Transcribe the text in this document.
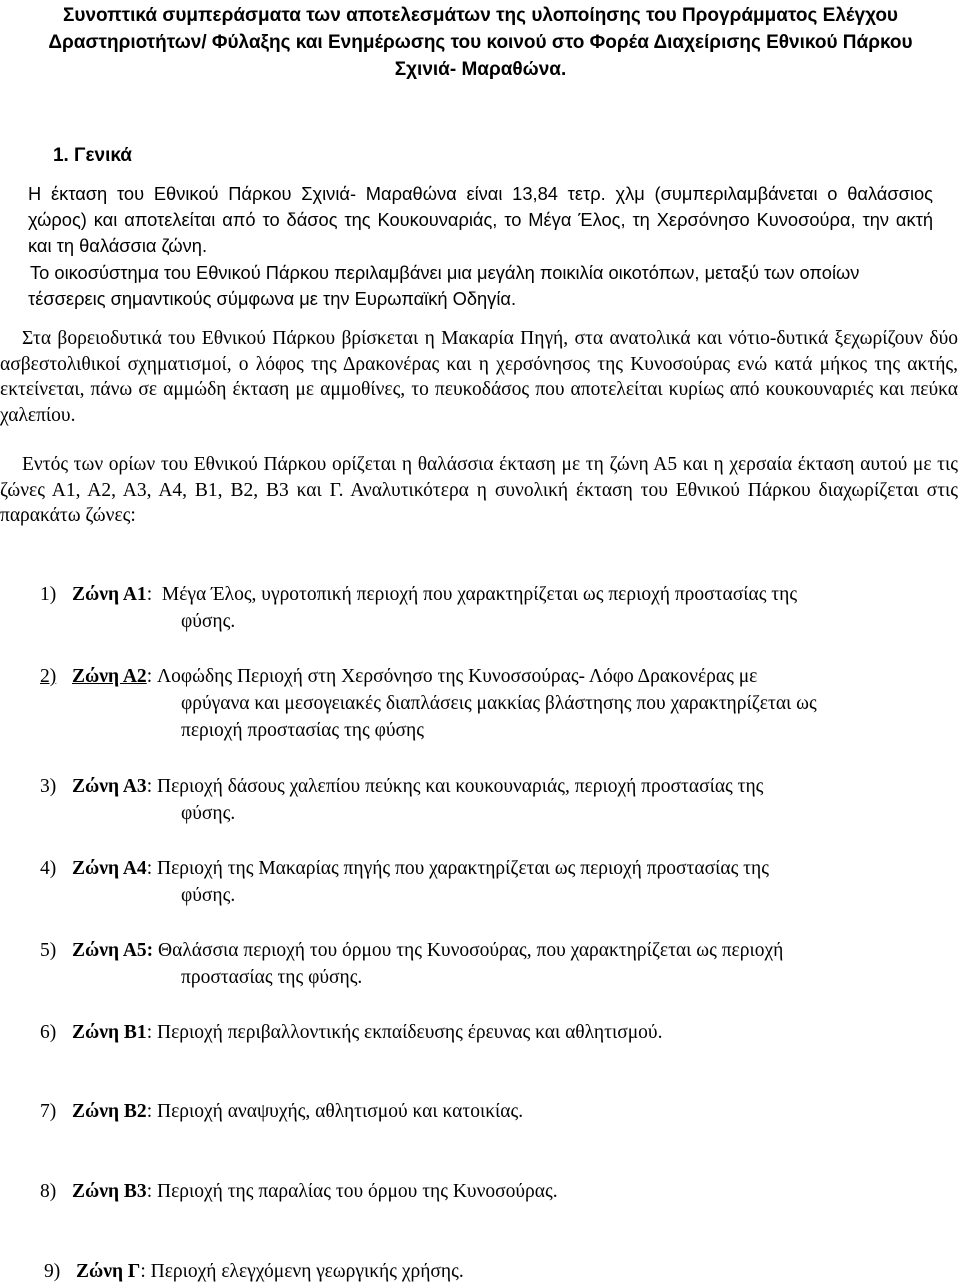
Συνοπτικά συμπεράσματα των αποτελεσμάτων της υλοποίησης του Προγράμματος Ελέγχου Δραστηριοτήτων/ Φύλαξης και Ενημέρωσης του κοινού στο Φορέα Διαχείρισης Εθνικού Πάρκου Σχινιά- Μαραθώνα.
1. Γενικά
Η έκταση του Εθνικού Πάρκου Σχινιά- Μαραθώνα είναι 13,84 τετρ. χλμ (συμπεριλαμβάνεται ο θαλάσσιος χώρος) και αποτελείται από το δάσος της Κουκουναριάς, το Μέγα Έλος, τη Χερσόνησο Κυνοσούρα, την ακτή και τη θαλάσσια ζώνη.
Το οικοσύστημα του Εθνικού Πάρκου περιλαμβάνει μια μεγάλη ποικιλία οικοτόπων, μεταξύ των οποίων τέσσερεις σημαντικούς σύμφωνα με την Ευρωπαϊκή Οδηγία.
Στα βορειοδυτικά του Εθνικού Πάρκου βρίσκεται η Μακαρία Πηγή, στα ανατολικά και νότιο-δυτικά ξεχωρίζουν δύο ασβεστολιθικοί σχηματισμοί, ο λόφος της Δρακονέρας και η χερσόνησος της Κυνοσούρας ενώ κατά μήκος της ακτής, εκτείνεται, πάνω σε αμμώδη έκταση με αμμοθίνες, το πευκοδάσος που αποτελείται κυρίως από κουκουναριές και πεύκα χαλεπίου.
Εντός των ορίων του Εθνικού Πάρκου ορίζεται η θαλάσσια έκταση με τη ζώνη Α5 και η χερσαία έκταση αυτού με τις ζώνες Α1, Α2, Α3, Α4, Β1, Β2, Β3 και Γ. Αναλυτικότερα η συνολική έκταση του Εθνικού Πάρκου διαχωρίζεται στις παρακάτω ζώνες:
1) Ζώνη Α1: Μέγα Έλος, υγροτοπική περιοχή που χαρακτηρίζεται ως περιοχή προστασίας της
φύσης.
2) Ζώνη Α2: Λοφώδης Περιοχή στη Χερσόνησο της Κυνοσσούρας- Λόφο Δρακονέρας με
φρύγανα και μεσογειακές διαπλάσεις μακκίας βλάστησης που χαρακτηρίζεται ως
περιοχή προστασίας της φύσης
3) Ζώνη Α3: Περιοχή δάσους χαλεπίου πεύκης και κουκουναριάς, περιοχή προστασίας της
φύσης.
4) Ζώνη Α4: Περιοχή της Μακαρίας πηγής που χαρακτηρίζεται ως περιοχή προστασίας της
φύσης.
5) Ζώνη Α5: Θαλάσσια περιοχή του όρμου της Κυνοσούρας, που χαρακτηρίζεται ως περιοχή
προστασίας της φύσης.
6) Ζώνη Β1: Περιοχή περιβαλλοντικής εκπαίδευσης έρευνας και αθλητισμού.
7) Ζώνη Β2: Περιοχή αναψυχής, αθλητισμού και κατοικίας.
8) Ζώνη Β3: Περιοχή της παραλίας του όρμου της Κυνοσούρας.
9) Ζώνη Γ: Περιοχή ελεγχόμενη γεωργικής χρήσης.
